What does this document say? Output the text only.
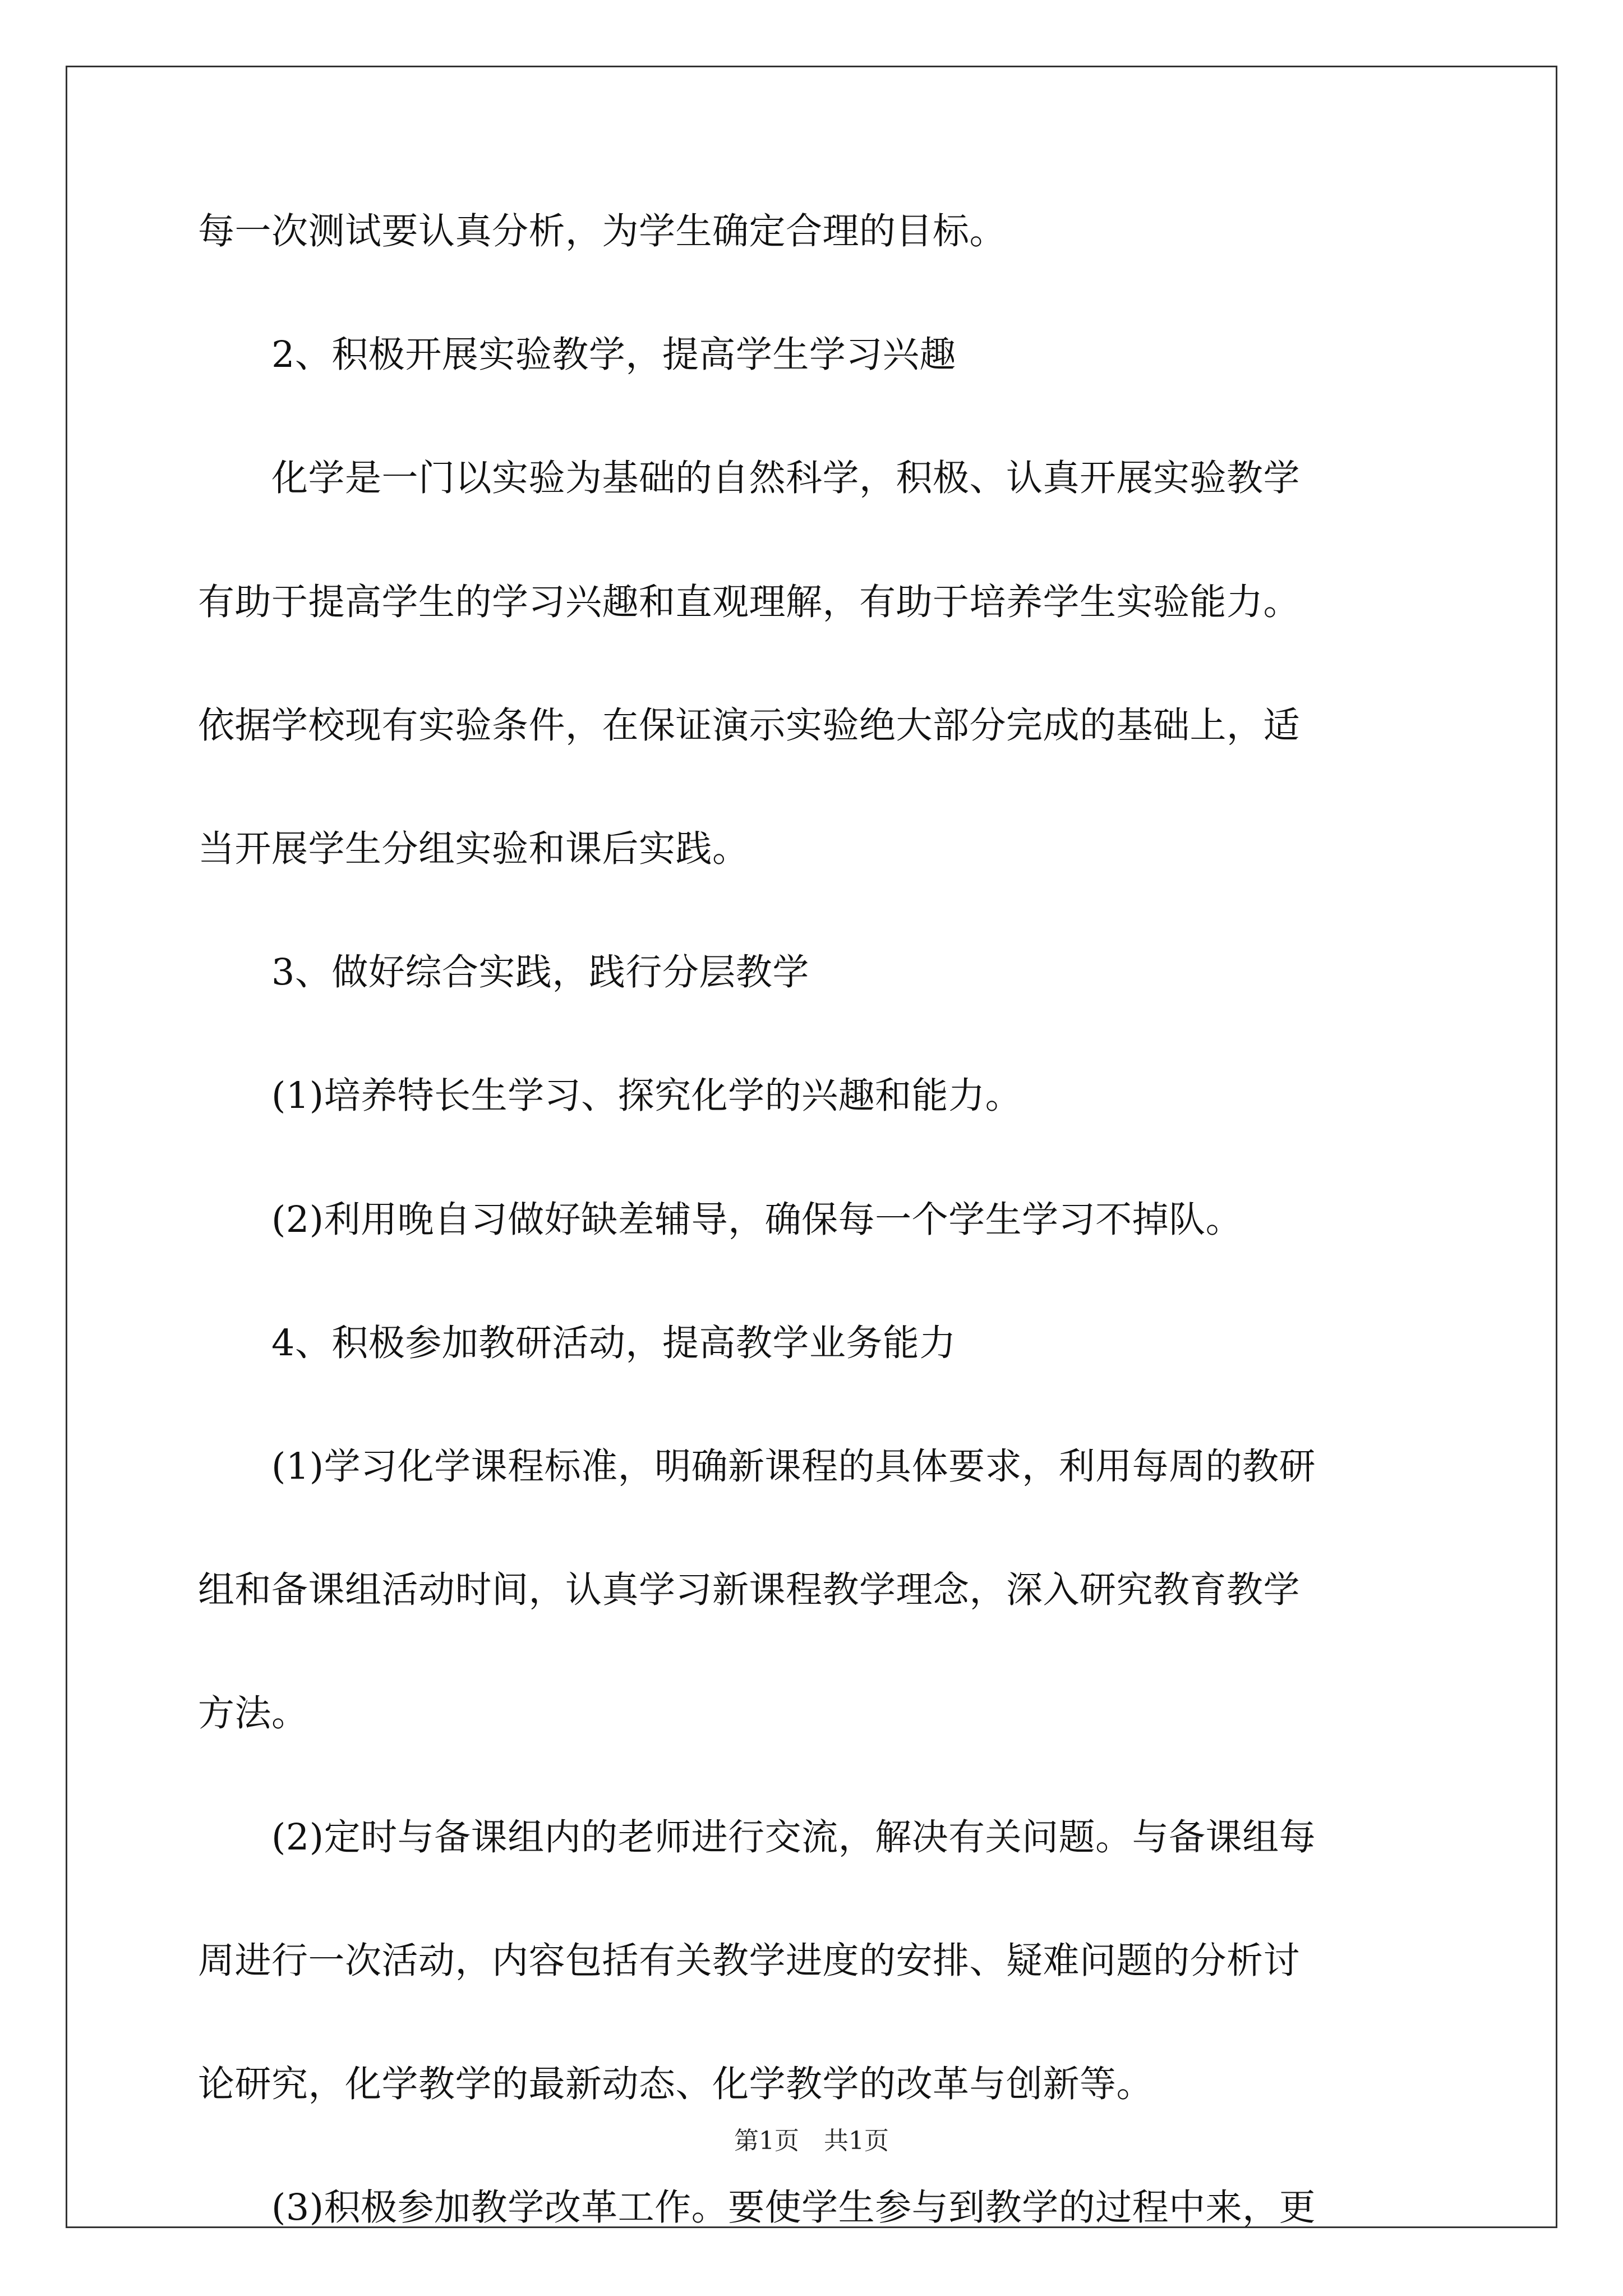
每一次测试要认真分析，为学生确定合理的目标。
　　2、积极开展实验教学，提高学生学习兴趣
　　化学是一门以实验为基础的自然科学，积极、认真开展实验教学
有助于提高学生的学习兴趣和直观理解，有助于培养学生实验能力。
依据学校现有实验条件，在保证演示实验绝大部分完成的基础上，适
当开展学生分组实验和课后实践。
　　3、做好综合实践，践行分层教学
　　(1)培养特长生学习、探究化学的兴趣和能力。
　　(2)利用晚自习做好缺差辅导，确保每一个学生学习不掉队。
　　4、积极参加教研活动，提高教学业务能力
　　(1)学习化学课程标准，明确新课程的具体要求，利用每周的教研
组和备课组活动时间，认真学习新课程教学理念，深入研究教育教学
方法。
　　(2)定时与备课组内的老师进行交流，解决有关问题。与备课组每
周进行一次活动，内容包括有关教学进度的安排、疑难问题的分析讨
论研究，化学教学的最新动态、化学教学的改革与创新等。
　　(3)积极参加教学改革工作。要使学生参与到教学的过程中来，更
第1页　共1页
